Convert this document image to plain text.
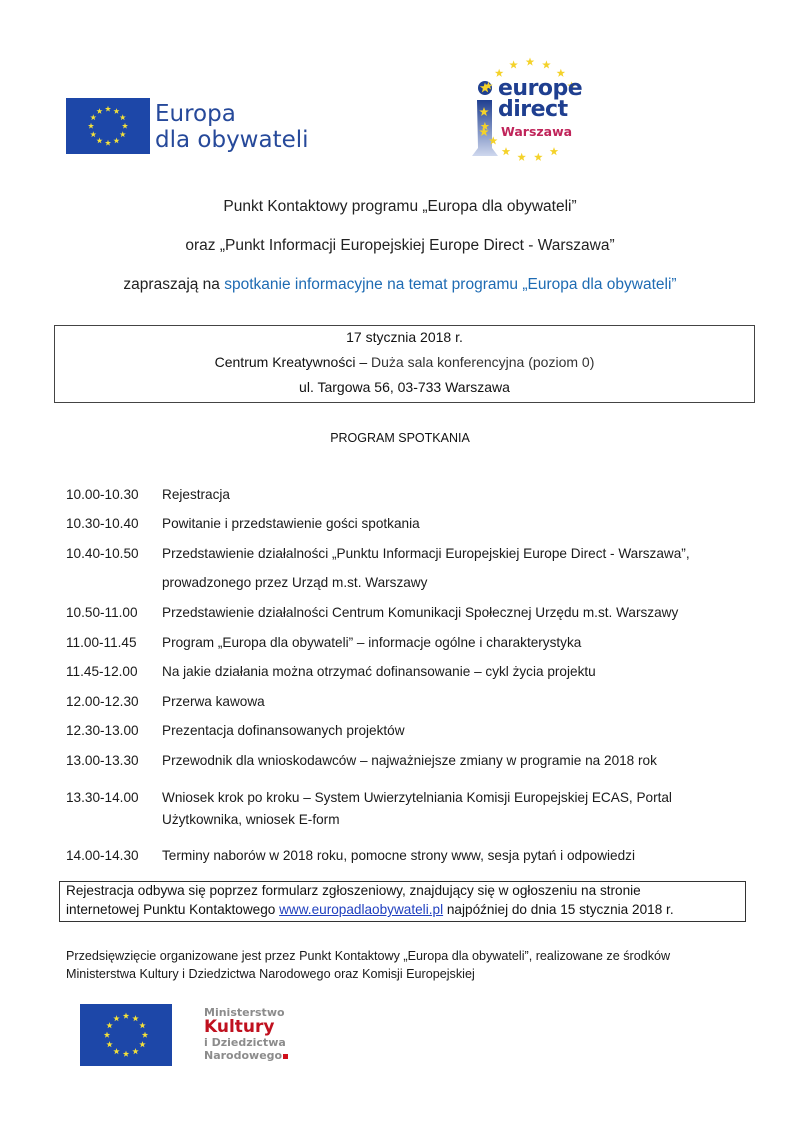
Europa
dla obywateli
europe
direct
Warszawa
Punkt Kontaktowy programu „Europa dla obywateli”
oraz „Punkt Informacji Europejskiej Europe Direct - Warszawa”
zapraszają na spotkanie informacyjne na temat programu „Europa dla obywateli”
17 stycznia 2018 r.
Centrum Kreatywności – Duża sala konferencyjna (poziom 0)
ul. Targowa 56, 03-733 Warszawa
PROGRAM SPOTKANIA
10.00-10.30 Rejestracja
10.30-10.40 Powitanie i przedstawienie gości spotkania
10.40-10.50 Przedstawienie działalności „Punktu Informacji Europejskiej Europe Direct - Warszawa”,
prowadzonego przez Urząd m.st. Warszawy
10.50-11.00 Przedstawienie działalności Centrum Komunikacji Społecznej Urzędu m.st. Warszawy
11.00-11.45 Program „Europa dla obywateli” – informacje ogólne i charakterystyka
11.45-12.00 Na jakie działania można otrzymać dofinansowanie – cykl życia projektu
12.00-12.30 Przerwa kawowa
12.30-13.00 Prezentacja dofinansowanych projektów
13.00-13.30 Przewodnik dla wnioskodawców – najważniejsze zmiany w programie na 2018 rok
13.30-14.00 Wniosek krok po kroku – System Uwierzytelniania Komisji Europejskiej ECAS, Portal
Użytkownika, wniosek E-form
14.00-14.30 Terminy naborów w 2018 roku, pomocne strony www, sesja pytań i odpowiedzi
Rejestracja odbywa się poprzez formularz zgłoszeniowy, znajdujący się w ogłoszeniu na stronie
internetowej Punktu Kontaktowego www.europadlaobywateli.pl najpóźniej do dnia 15 stycznia 2018 r.
Przedsięwzięcie organizowane jest przez Punkt Kontaktowy „Europa dla obywateli”, realizowane ze środków
Ministerstwa Kultury i Dziedzictwa Narodowego oraz Komisji Europejskiej
Ministerstwo
Kultury
i Dziedzictwa
Narodowego
